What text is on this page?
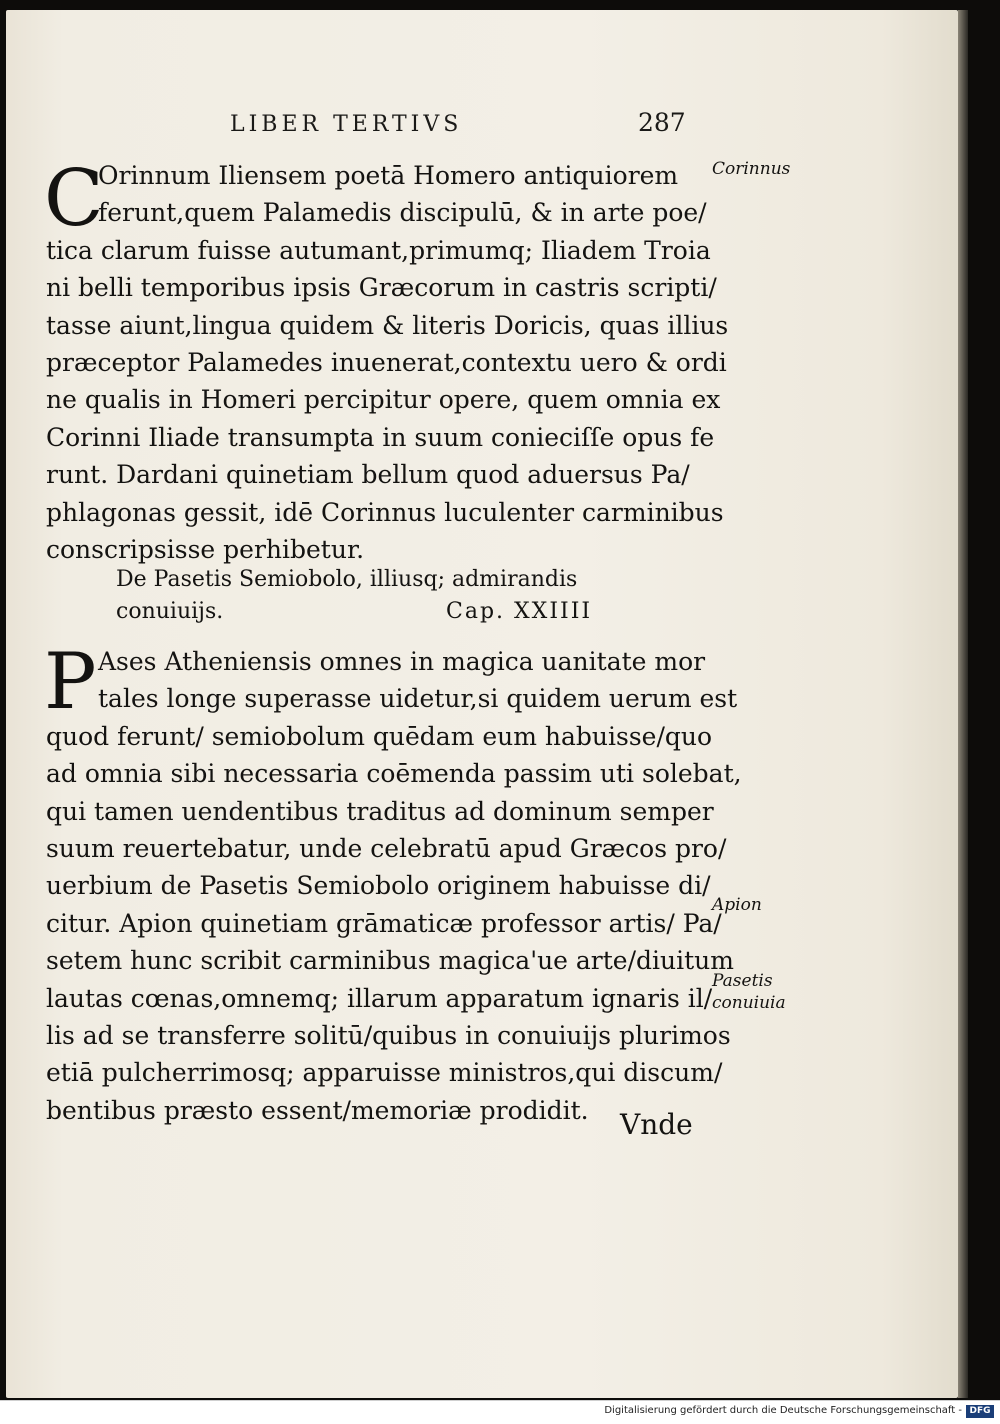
LIBER TERTIVS	287
C
Orinnum Iliensem poetā Homero antiquiorem
ferunt,quem Palamedis discipulū, & in arte poe/
tica clarum fuisse autumant,primumq; Iliadem Troia
ni belli temporibus ipsis Græcorum in castris scripti/
tasse aiunt,lingua quidem & literis Doricis, quas illius
præceptor Palamedes inuenerat,contextu uero & ordi
ne qualis in Homeri percipitur opere, quem omnia ex
Corinni Iliade transumpta in suum conieciſſe opus fe
runt. Dardani quinetiam bellum quod aduersus Pa/
phlagonas gessit, idē Corinnus luculenter carminibus
conscripsisse perhibetur.
De Pasetis Semiobolo, illiusq; admirandis
conuiuijs.	Cap. XXIIII
P Ases Atheniensis omnes in magica uanitate mor
tales longe superasse uidetur,si quidem uerum est
quod ferunt/ semiobolum quēdam eum habuisse/quo
ad omnia sibi necessaria coēmenda passim uti solebat,
qui tamen uendentibus traditus ad dominum semper
suum reuertebatur, unde celebratū apud Græcos pro/
uerbium de Pasetis Semiobolo originem habuisse di/
citur. Apion quinetiam grāmaticæ professor artis/ Pa/
setem hunc scribit carminibus magica'ue arte/diuitum
lautas cœnas,omnemq; illarum apparatum ignaris il/
lis ad se transferre solitū/quibus in conuiuijs plurimos
etiā pulcherrimosq; apparuisse ministros,qui discum/
bentibus præsto essent/memoriæ prodidit.
Corinnus
Apion
Pasetis
conuiuia
Vnde
Digitalisierung gefördert durch die Deutsche Forschungsgemeinschaft - DFG
